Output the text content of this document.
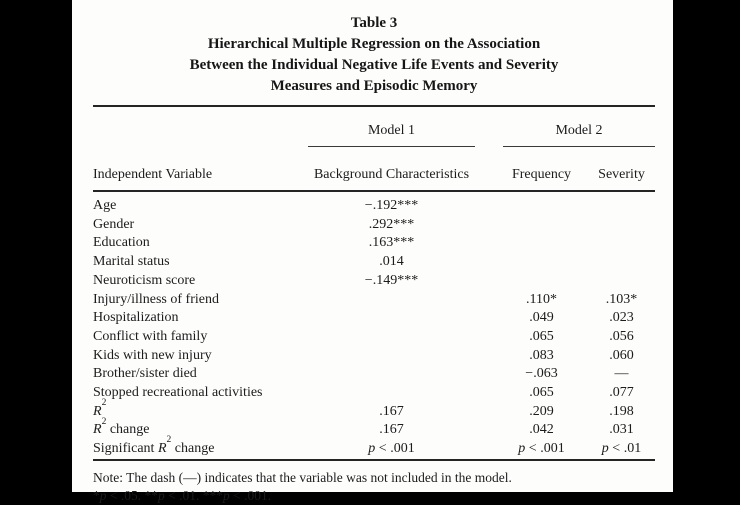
Table 3
Hierarchical Multiple Regression on the Association
Between the Individual Negative Life Events and Severity
Measures and Episodic Memory
	Model 1		Model 2		
Independent Variable	Background Characteristics		Frequency		Severity
Age	−.192***				
Gender	.292***				
Education	.163***				
Marital status	.014				
Neuroticism score	−.149***				
Injury/illness of friend			.110*		.103*
Hospitalization			.049		.023
Conflict with family			.065		.056
Kids with new injury			.083		.060
Brother/sister died			−.063		—
Stopped recreational activities			.065		.077
$R^2$	.167		.209		.198
$R^2$ change	.167		.042		.031
Significant $R^2$ change	p < .001		p < .001		p < .01
Note: The dash (—) indicates that the variable was not included in the model.
*p < .05. **p < .01. ***p < .001.
